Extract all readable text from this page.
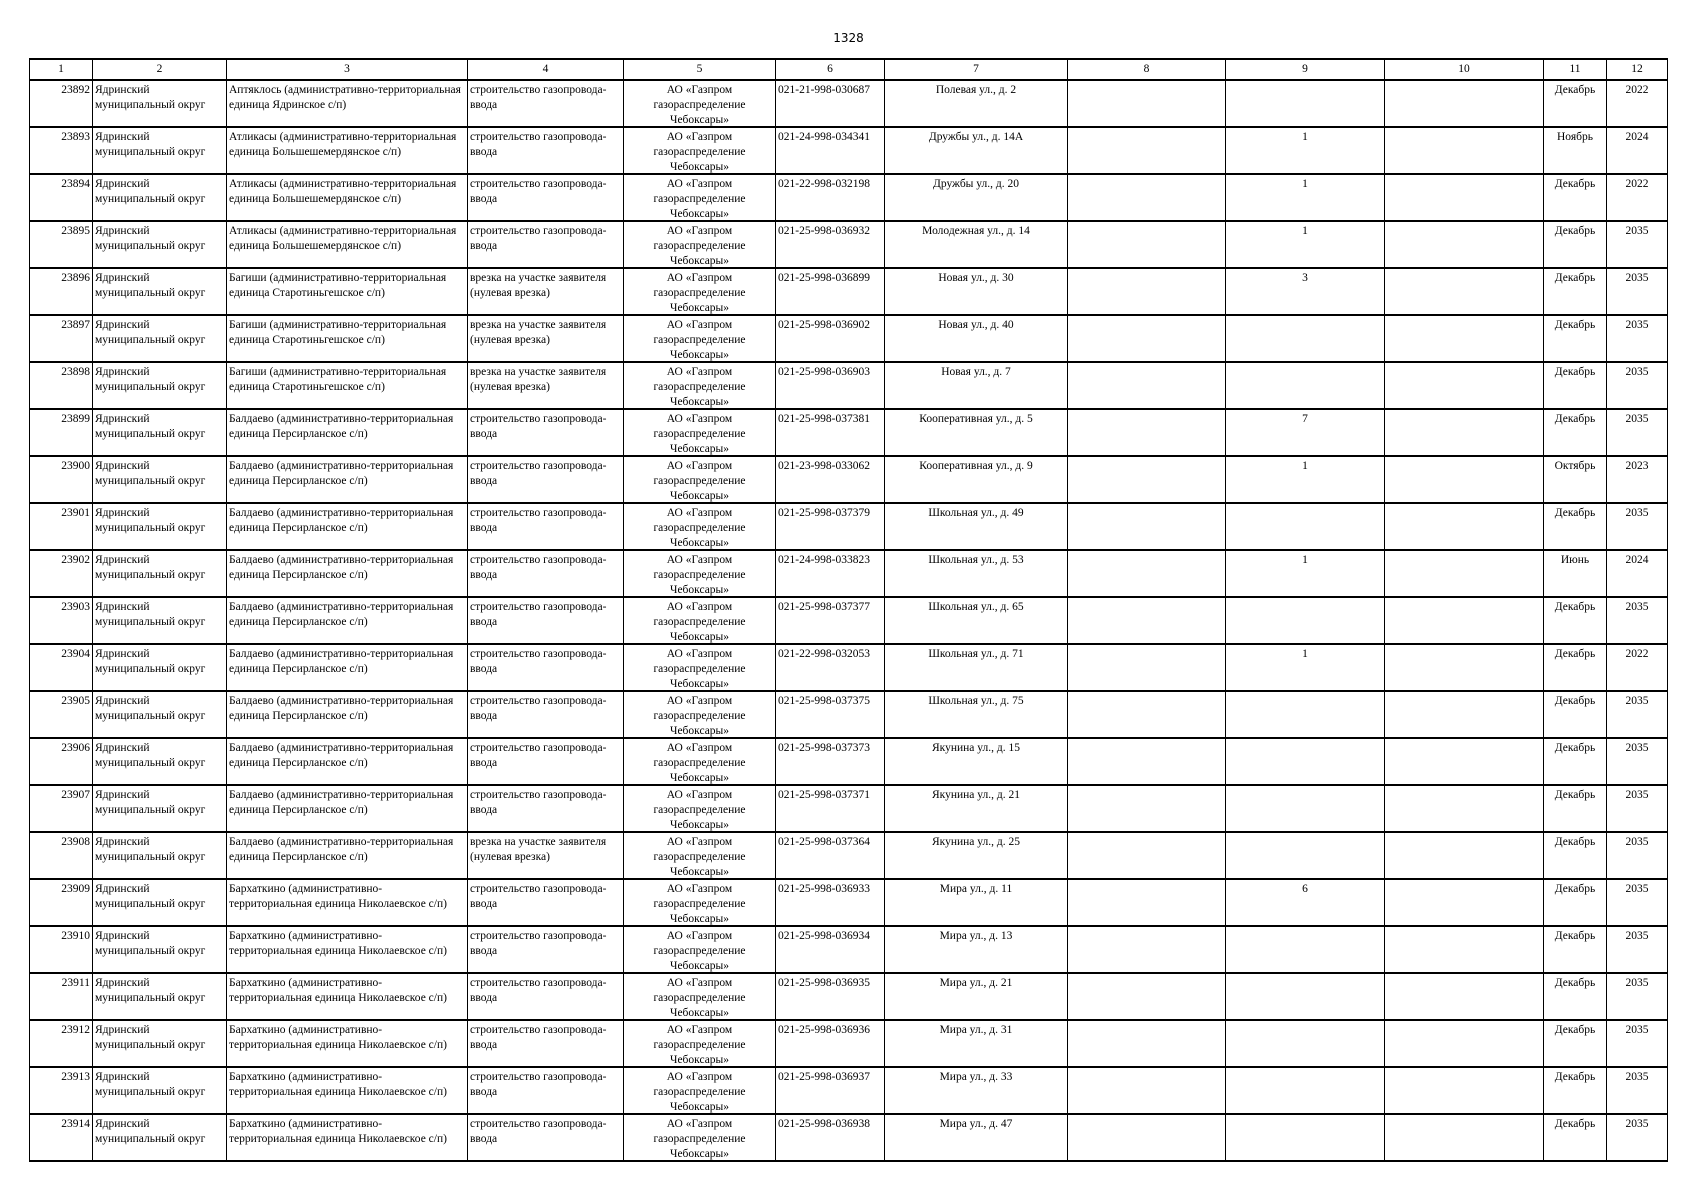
1328
1	2	3	4	5	6	7	8	9	10	11	12

23892	Ядринский муниципальный округ	Аптяклось (административно-территориальная единица Ядринское с/п)	строительство газопровода-ввода	АО «Газпром газораспределение Чебоксары»	021-21-998-030687	Полевая ул., д. 2				Декабрь	2022

23893	Ядринский муниципальный округ	Атликасы (административно-территориальная единица Большешемердянское с/п)	строительство газопровода-ввода	АО «Газпром газораспределение Чебоксары»	021-24-998-034341	Дружбы ул., д. 14А		1		Ноябрь	2024

23894	Ядринский муниципальный округ	Атликасы (административно-территориальная единица Большешемердянское с/п)	строительство газопровода-ввода	АО «Газпром газораспределение Чебоксары»	021-22-998-032198	Дружбы ул., д. 20		1		Декабрь	2022

23895	Ядринский муниципальный округ	Атликасы (административно-территориальная единица Большешемердянское с/п)	строительство газопровода-ввода	АО «Газпром газораспределение Чебоксары»	021-25-998-036932	Молодежная ул., д. 14		1		Декабрь	2035

23896	Ядринский муниципальный округ	Багиши (административно-территориальная единица Старотиньгешское с/п)	врезка на участке заявителя (нулевая врезка)	АО «Газпром газораспределение Чебоксары»	021-25-998-036899	Новая ул., д. 30		3		Декабрь	2035

23897	Ядринский муниципальный округ	Багиши (административно-территориальная единица Старотиньгешское с/п)	врезка на участке заявителя (нулевая врезка)	АО «Газпром газораспределение Чебоксары»	021-25-998-036902	Новая ул., д. 40				Декабрь	2035

23898	Ядринский муниципальный округ	Багиши (административно-территориальная единица Старотиньгешское с/п)	врезка на участке заявителя (нулевая врезка)	АО «Газпром газораспределение Чебоксары»	021-25-998-036903	Новая ул., д. 7				Декабрь	2035

23899	Ядринский муниципальный округ	Балдаево (административно-территориальная единица Персирланское с/п)	строительство газопровода-ввода	АО «Газпром газораспределение Чебоксары»	021-25-998-037381	Кооперативная ул., д. 5		7		Декабрь	2035

23900	Ядринский муниципальный округ	Балдаево (административно-территориальная единица Персирланское с/п)	строительство газопровода-ввода	АО «Газпром газораспределение Чебоксары»	021-23-998-033062	Кооперативная ул., д. 9		1		Октябрь	2023

23901	Ядринский муниципальный округ	Балдаево (административно-территориальная единица Персирланское с/п)	строительство газопровода-ввода	АО «Газпром газораспределение Чебоксары»	021-25-998-037379	Школьная ул., д. 49				Декабрь	2035

23902	Ядринский муниципальный округ	Балдаево (административно-территориальная единица Персирланское с/п)	строительство газопровода-ввода	АО «Газпром газораспределение Чебоксары»	021-24-998-033823	Школьная ул., д. 53		1		Июнь	2024

23903	Ядринский муниципальный округ	Балдаево (административно-территориальная единица Персирланское с/п)	строительство газопровода-ввода	АО «Газпром газораспределение Чебоксары»	021-25-998-037377	Школьная ул., д. 65				Декабрь	2035

23904	Ядринский муниципальный округ	Балдаево (административно-территориальная единица Персирланское с/п)	строительство газопровода-ввода	АО «Газпром газораспределение Чебоксары»	021-22-998-032053	Школьная ул., д. 71		1		Декабрь	2022

23905	Ядринский муниципальный округ	Балдаево (административно-территориальная единица Персирланское с/п)	строительство газопровода-ввода	АО «Газпром газораспределение Чебоксары»	021-25-998-037375	Школьная ул., д. 75				Декабрь	2035

23906	Ядринский муниципальный округ	Балдаево (административно-территориальная единица Персирланское с/п)	строительство газопровода-ввода	АО «Газпром газораспределение Чебоксары»	021-25-998-037373	Якунина ул., д. 15				Декабрь	2035

23907	Ядринский муниципальный округ	Балдаево (административно-территориальная единица Персирланское с/п)	строительство газопровода-ввода	АО «Газпром газораспределение Чебоксары»	021-25-998-037371	Якунина ул., д. 21				Декабрь	2035

23908	Ядринский муниципальный округ	Балдаево (административно-территориальная единица Персирланское с/п)	врезка на участке заявителя (нулевая врезка)	АО «Газпром газораспределение Чебоксары»	021-25-998-037364	Якунина ул., д. 25				Декабрь	2035

23909	Ядринский муниципальный округ	Бархаткино (административно-территориальная единица Николаевское с/п)	строительство газопровода-ввода	АО «Газпром газораспределение Чебоксары»	021-25-998-036933	Мира ул., д. 11		6		Декабрь	2035

23910	Ядринский муниципальный округ	Бархаткино (административно-территориальная единица Николаевское с/п)	строительство газопровода-ввода	АО «Газпром газораспределение Чебоксары»	021-25-998-036934	Мира ул., д. 13				Декабрь	2035

23911	Ядринский муниципальный округ	Бархаткино (административно-территориальная единица Николаевское с/п)	строительство газопровода-ввода	АО «Газпром газораспределение Чебоксары»	021-25-998-036935	Мира ул., д. 21				Декабрь	2035

23912	Ядринский муниципальный округ	Бархаткино (административно-территориальная единица Николаевское с/п)	строительство газопровода-ввода	АО «Газпром газораспределение Чебоксары»	021-25-998-036936	Мира ул., д. 31				Декабрь	2035

23913	Ядринский муниципальный округ	Бархаткино (административно-территориальная единица Николаевское с/п)	строительство газопровода-ввода	АО «Газпром газораспределение Чебоксары»	021-25-998-036937	Мира ул., д. 33				Декабрь	2035

23914	Ядринский муниципальный округ	Бархаткино (административно-территориальная единица Николаевское с/п)	строительство газопровода-ввода	АО «Газпром газораспределение Чебоксары»	021-25-998-036938	Мира ул., д. 47				Декабрь	2035
